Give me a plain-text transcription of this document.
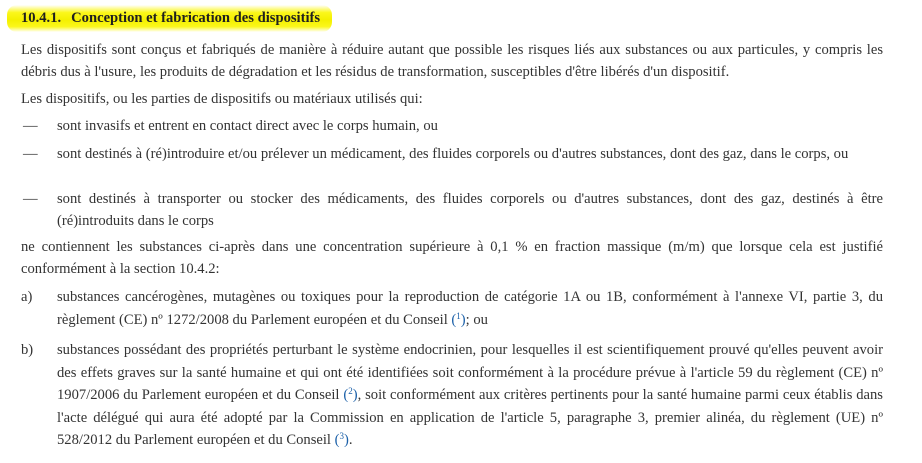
10.4.1. Conception et fabrication des dispositifs

Les dispositifs sont conçus et fabriqués de manière à réduire autant que possible les risques liés aux substances ou aux particules, y compris les débris dus à l'usure, les produits de dégradation et les résidus de transformation, susceptibles d'être libérés d'un dispositif.

Les dispositifs, ou les parties de dispositifs ou matériaux utilisés qui:

— sont invasifs et entrent en contact direct avec le corps humain, ou

— sont destinés à (ré)introduire et/ou prélever un médicament, des fluides corporels ou d'autres substances, dont des gaz, dans le corps, ou

— sont destinés à transporter ou stocker des médicaments, des fluides corporels ou d'autres substances, dont des gaz, destinés à être (ré)introduits dans le corps

ne contiennent les substances ci-après dans une concentration supérieure à 0,1 % en fraction massique (m/m) que lorsque cela est justifié conformément à la section 10.4.2:

a) substances cancérogènes, mutagènes ou toxiques pour la reproduction de catégorie 1A ou 1B, conformément à l'annexe VI, partie 3, du règlement (CE) nº 1272/2008 du Parlement européen et du Conseil ($^1$); ou

b) substances possédant des propriétés perturbant le système endocrinien, pour lesquelles il est scientifiquement prouvé qu'elles peuvent avoir des effets graves sur la santé humaine et qui ont été identifiées soit conformément à la procédure prévue à l'article 59 du règlement (CE) nº 1907/2006 du Parlement européen et du Conseil ($^2$), soit conformément aux critères pertinents pour la santé humaine parmi ceux établis dans l'acte délégué qui aura été adopté par la Commission en application de l'article 5, paragraphe 3, premier alinéa, du règlement (UE) nº 528/2012 du Parlement européen et du Conseil ($^3$).
